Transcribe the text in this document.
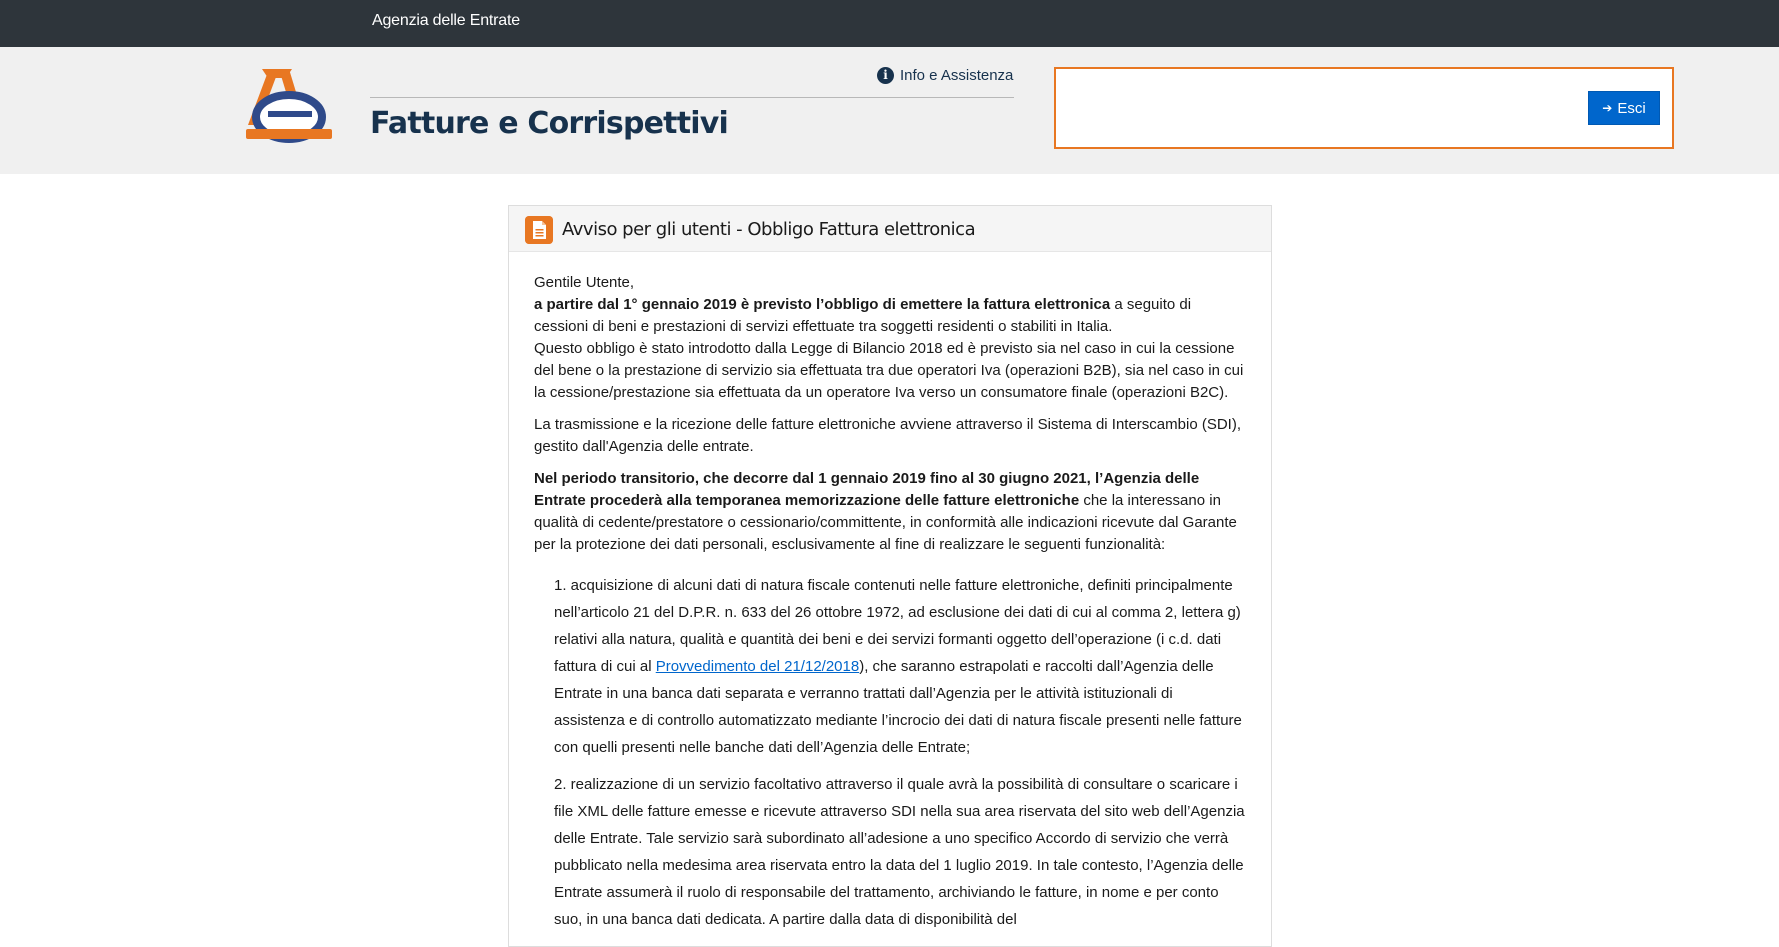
Agenzia delle Entrate
i Info e Assistenza
Fatture e Corrispettivi	➔ Esci
Avviso per gli utenti - Obbligo Fattura elettronica

Gentile Utente,

a partire dal 1° gennaio 2019 è previsto l’obbligo di emettere la fattura elettronica a seguito di cessioni di beni e prestazioni di servizi effettuate tra soggetti residenti o stabiliti in Italia.

Questo obbligo è stato introdotto dalla Legge di Bilancio 2018 ed è previsto sia nel caso in cui la cessione del bene o la prestazione di servizio sia effettuata tra due operatori Iva (operazioni B2B), sia nel caso in cui la cessione/prestazione sia effettuata da un operatore Iva verso un consumatore finale (operazioni B2C).

La trasmissione e la ricezione delle fatture elettroniche avviene attraverso il Sistema di Interscambio (SDI), gestito dall'Agenzia delle entrate.

Nel periodo transitorio, che decorre dal 1 gennaio 2019 fino al 30 giugno 2021, l’Agenzia delle Entrate procederà alla temporanea memorizzazione delle fatture elettroniche che la interessano in qualità di cedente/prestatore o cessionario/committente, in conformità alle indicazioni ricevute dal Garante per la protezione dei dati personali, esclusivamente al fine di realizzare le seguenti funzionalità:

1. acquisizione di alcuni dati di natura fiscale contenuti nelle fatture elettroniche, definiti principalmente nell’articolo 21 del D.P.R. n. 633 del 26 ottobre 1972, ad esclusione dei dati di cui al comma 2, lettera g) relativi alla natura, qualità e quantità dei beni e dei servizi formanti oggetto dell’operazione (i c.d. dati fattura di cui al Provvedimento del 21/12/2018), che saranno estrapolati e raccolti dall’Agenzia delle Entrate in una banca dati separata e verranno trattati dall’Agenzia per le attività istituzionali di assistenza e di controllo automatizzato mediante l’incrocio dei dati di natura fiscale presenti nelle fatture con quelli presenti nelle banche dati dell’Agenzia delle Entrate;
2. realizzazione di un servizio facoltativo attraverso il quale avrà la possibilità di consultare o scaricare i file XML delle fatture emesse e ricevute attraverso SDI nella sua area riservata del sito web dell’Agenzia delle Entrate. Tale servizio sarà subordinato all’adesione a uno specifico Accordo di servizio che verrà pubblicato nella medesima area riservata entro la data del 1 luglio 2019. In tale contesto, l’Agenzia delle Entrate assumerà il ruolo di responsabile del trattamento, archiviando le fatture, in nome e per conto suo, in una banca dati dedicata. A partire dalla data di disponibilità del
